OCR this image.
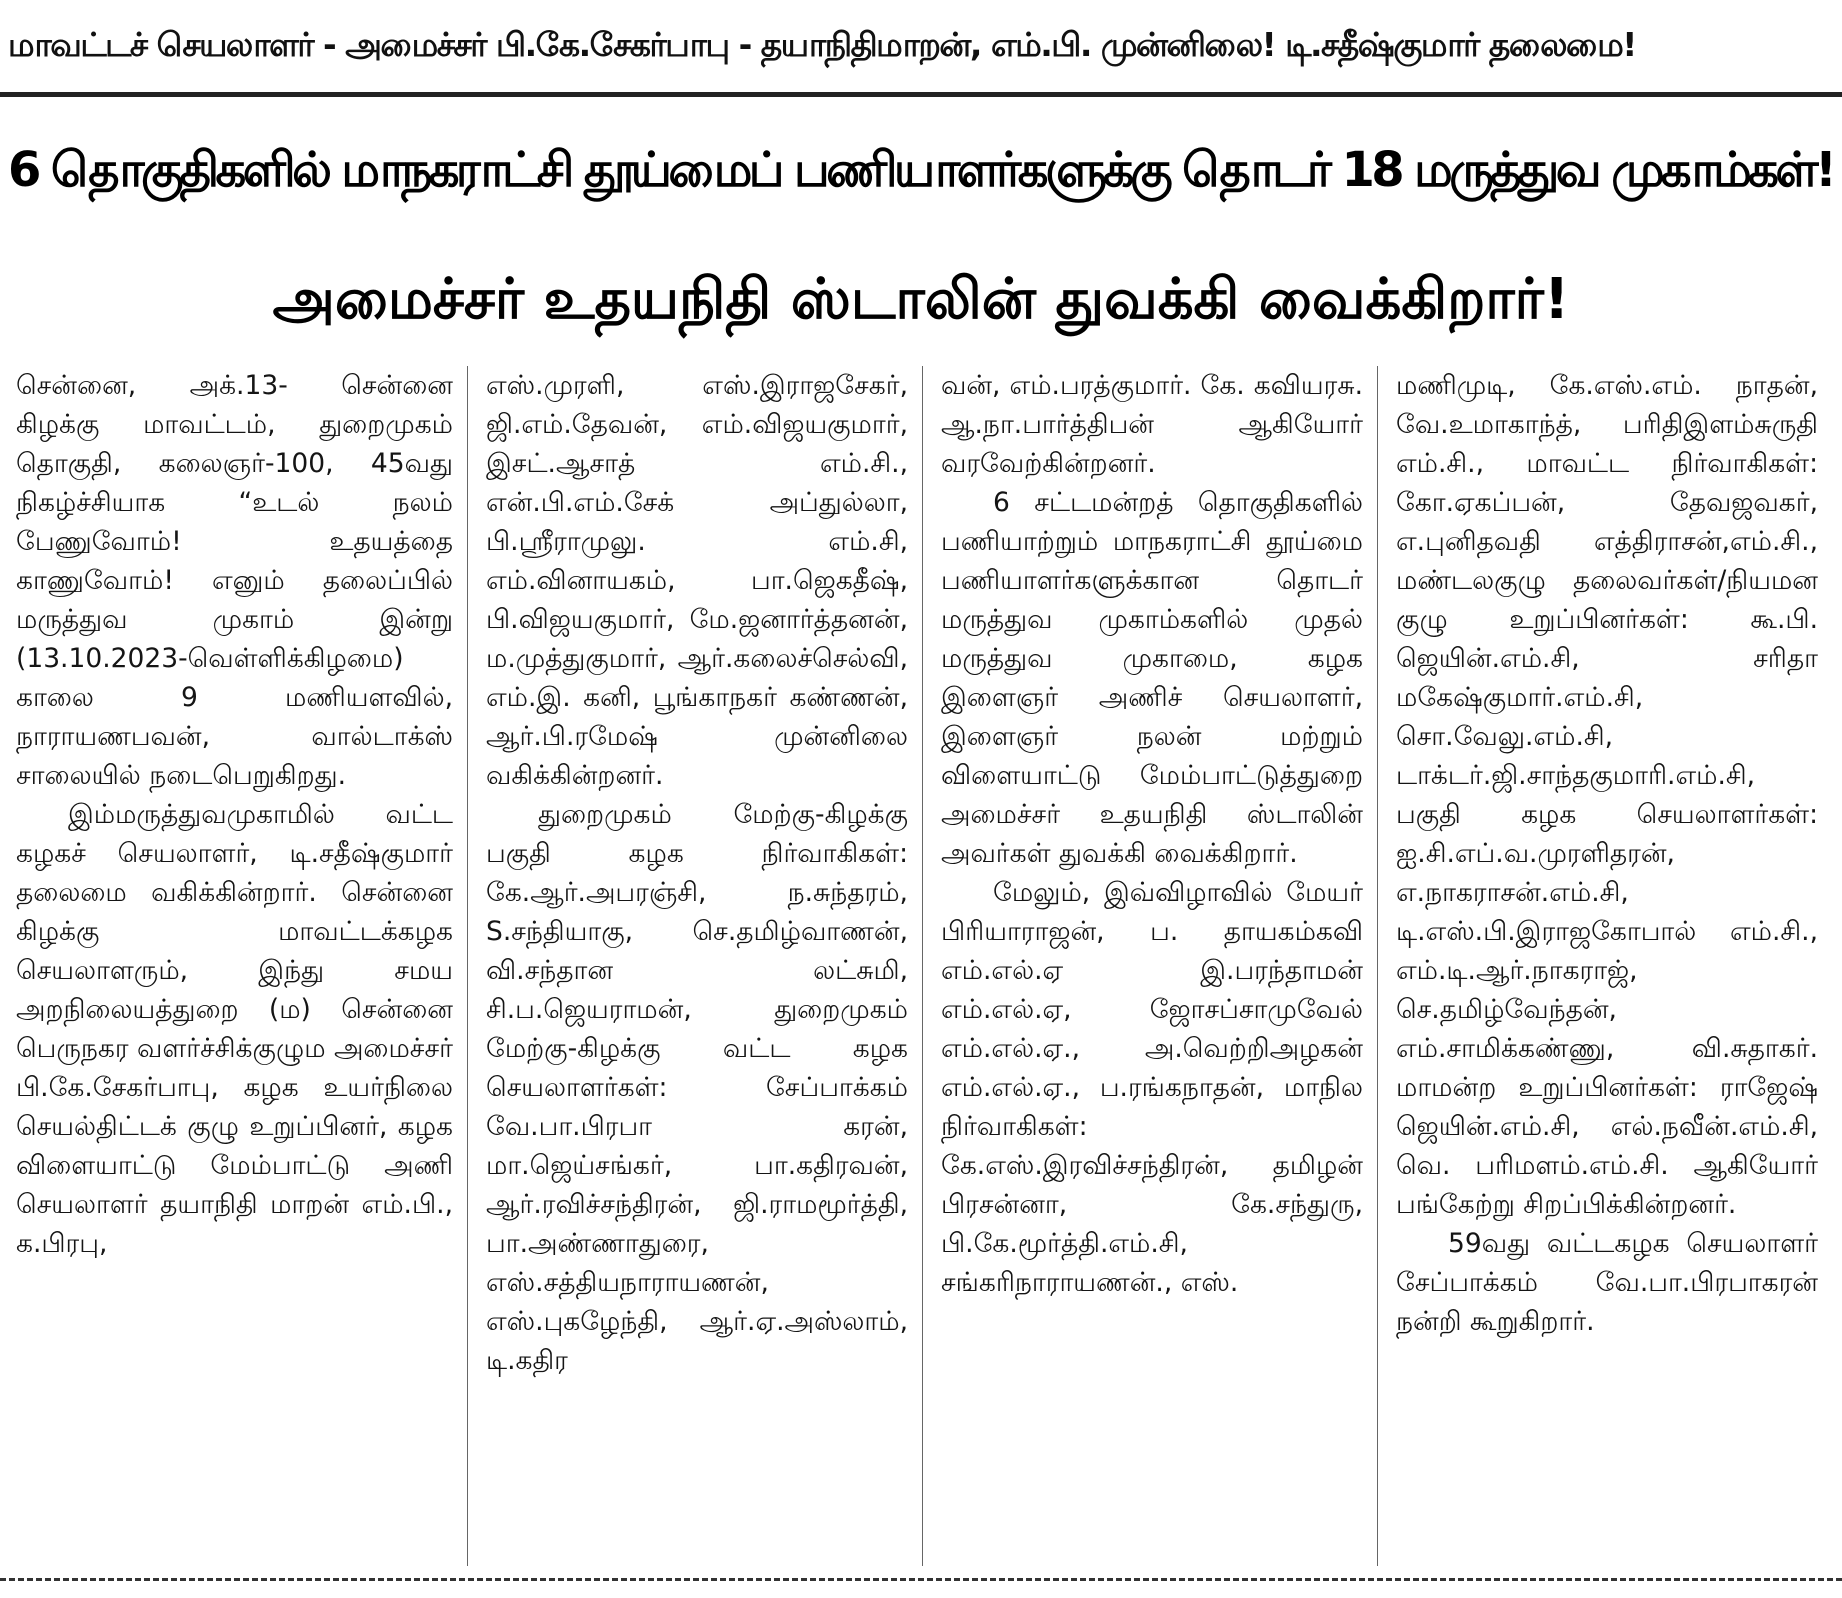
மாவட்டச் செயலாளர் - அமைச்சர் பி.கே.சேகர்பாபு - தயாநிதிமாறன், எம்.பி. முன்னிலை! டி.சதீஷ்குமார் தலைமை!
6 தொகுதிகளில் மாநகராட்சி தூய்மைப் பணியாளர்களுக்கு தொடர் 18 மருத்துவ முகாம்கள்!
அமைச்சர் உதயநிதி ஸ்டாலின் துவக்கி வைக்கிறார்!

சென்னை, அக்.13- சென்னை கிழக்கு மாவட்டம், துறைமுகம் தொகுதி, கலைஞர்-100, 45வது நிகழ்ச்சியாக “உடல் நலம் பேணுவோம்! உதயத்தை காணுவோம்! எனும் தலைப்பில் மருத்துவ முகாம் இன்று (13.10.2023-வெள்ளிக்கிழமை) காலை 9 மணியளவில், நாராயணபவன், வால்டாக்ஸ் சாலையில் நடைபெறுகிறது.

இம்மருத்துவமுகாமில் வட்ட கழகச் செயலாளர், டி.சதீஷ்குமார் தலைமை வகிக்கின்றார். சென்னை கிழக்கு மாவட்டக்கழக செயலாளரும், இந்து சமய அறநிலையத்துறை (ம) சென்னை பெருநகர வளர்ச்சிக்குழும அமைச்சர் பி.கே.சேகர்பாபு, கழக உயர்நிலை செயல்திட்டக் குழு உறுப்பினர், கழக விளையாட்டு மேம்பாட்டு அணி செயலாளர் தயாநிதி மாறன் எம்.பி., க.பிரபு,

எஸ்.முரளி, எஸ்.இராஜசேகர், ஜி.எம்.தேவன், எம்.விஜயகுமார், இசட்.ஆசாத் எம்.சி., என்.பி.எம்.சேக் அப்துல்லா, பி.ஸ்ரீராமுலு. எம்.சி, எம்.வினாயகம், பா.ஜெகதீஷ், பி.விஜயகுமார், மே.ஜனார்த்தனன், ம.முத்துகுமார், ஆர்.கலைச்செல்வி, எம்.இ. கனி, பூங்காநகர் கண்ணன், ஆர்.பி.ரமேஷ் முன்னிலை வகிக்கின்றனர்.

துறைமுகம் மேற்கு-கிழக்கு பகுதி கழக நிர்வாகிகள்: கே.ஆர்.அபரஞ்சி, ந.சுந்தரம், S.சந்தியாகு, செ.தமிழ்வாணன், வி.சந்தான லட்சுமி, சி.ப.ஜெயராமன், துறைமுகம் மேற்கு-கிழக்கு வட்ட கழக செயலாளர்கள்: சேப்பாக்கம் வே.பா.பிரபா கரன், மா.ஜெய்சங்கர், பா.கதிரவன், ஆர்.ரவிச்சந்திரன், ஜி.ராமமூர்த்தி, பா.அண்ணாதுரை, எஸ்.சத்தியநாராயணன், எஸ்.புகழேந்தி, ஆர்.ஏ.அஸ்லாம், டி.கதிர

வன், எம்.பரத்குமார். கே. கவியரசு. ஆ.நா.பார்த்திபன் ஆகியோர் வரவேற்கின்றனர்.

6 சட்டமன்றத் தொகுதிகளில் பணியாற்றும் மாநகராட்சி தூய்மை பணியாளர்களுக்கான தொடர் மருத்துவ முகாம்களில் முதல் மருத்துவ முகாமை, கழக இளைஞர் அணிச் செயலாளர், இளைஞர் நலன் மற்றும் விளையாட்டு மேம்பாட்டுத்துறை அமைச்சர் உதயநிதி ஸ்டாலின் அவர்கள் துவக்கி வைக்கிறார்.

மேலும், இவ்விழாவில் மேயர் பிரியாராஜன், ப. தாயகம்கவி எம்.எல்.ஏ இ.பரந்தாமன் எம்.எல்.ஏ, ஜோசப்சாமுவேல் எம்.எல்.ஏ., அ.வெற்றிஅழகன் எம்.எல்.ஏ., ப.ரங்கநாதன், மாநில நிர்வாகிகள்: கே.எஸ்.இரவிச்சந்திரன், தமிழன் பிரசன்னா, கே.சந்துரு, பி.கே.மூர்த்தி.எம்.சி, சங்கரிநாராயணன்., எஸ்.

மணிமுடி, கே.எஸ்.எம். நாதன், வே.உமாகாந்த், பரிதிஇளம்சுருதி எம்.சி., மாவட்ட நிர்வாகிகள்: கோ.ஏகப்பன், தேவஜவகர், எ.புனிதவதி எத்திராசன்,எம்.சி., மண்டலகுழு தலைவர்கள்/நியமன குழு உறுப்பினர்கள்: கூ.பி. ஜெயின்.எம்.சி, சரிதா மகேஷ்குமார்.எம்.சி, சொ.வேலு.எம்.சி, டாக்டர்.ஜி.சாந்தகுமாரி.எம்.சி, பகுதி கழக செயலாளர்கள்: ஐ.சி.எப்.வ.முரளிதரன், எ.நாகராசன்.எம்.சி, டி.எஸ்.பி.இராஜகோபால் எம்.சி., எம்.டி.ஆர்.நாகராஜ், செ.தமிழ்வேந்தன், எம்.சாமிக்கண்ணு, வி.சுதாகர். மாமன்ற உறுப்பினர்கள்: ராஜேஷ் ஜெயின்.எம்.சி, எல்.நவீன்.எம்.சி, வெ. பரிமளம்.எம்.சி. ஆகியோர் பங்கேற்று சிறப்பிக்கின்றனர்.

59வது வட்டகழக செயலாளர் சேப்பாக்கம் வே.பா.பிரபாகரன் நன்றி கூறுகிறார்.
